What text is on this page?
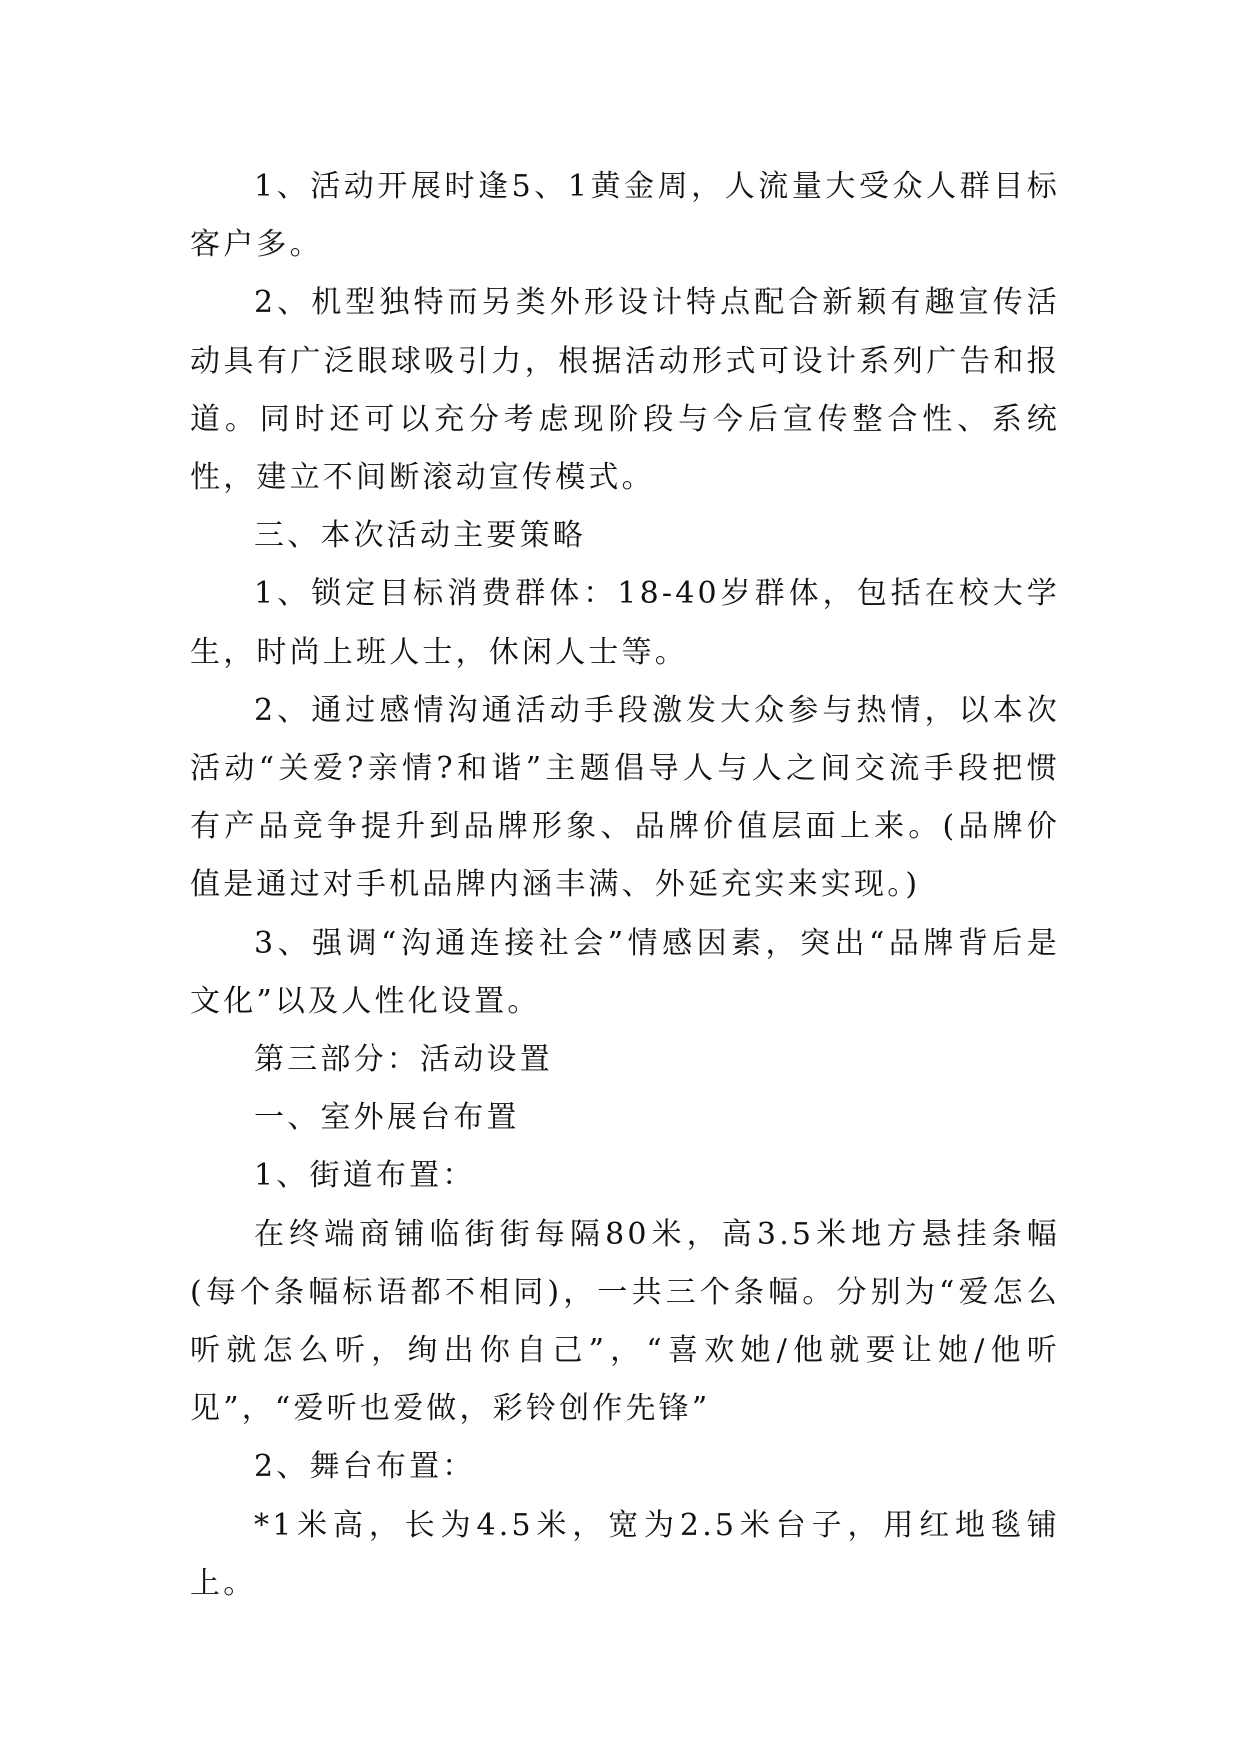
1、活动开展时逢5、1黄金周，人流量大受众人群目标客户多。

2、机型独特而另类外形设计特点配合新颖有趣宣传活动具有广泛眼球吸引力，根据活动形式可设计系列广告和报道。同时还可以充分考虑现阶段与今后宣传整合性、系统性，建立不间断滚动宣传模式。

三、本次活动主要策略

1、锁定目标消费群体：18-40岁群体，包括在校大学生，时尚上班人士，休闲人士等。

2、通过感情沟通活动手段激发大众参与热情，以本次活动“关爱?亲情?和谐”主题倡导人与人之间交流手段把惯有产品竞争提升到品牌形象、品牌价值层面上来。(品牌价值是通过对手机品牌内涵丰满、外延充实来实现。)

3、强调“沟通连接社会”情感因素，突出“品牌背后是文化”以及人性化设置。

第三部分：活动设置

一、室外展台布置

1、街道布置：

在终端商铺临街街每隔80米，高3.5米地方悬挂条幅(每个条幅标语都不相同)，一共三个条幅。分别为“爱怎么听就怎么听，绚出你自己”，“喜欢她/他就要让她/他听见”，“爱听也爱做，彩铃创作先锋”

2、舞台布置：

*1米高，长为4.5米，宽为2.5米台子，用红地毯铺上。
